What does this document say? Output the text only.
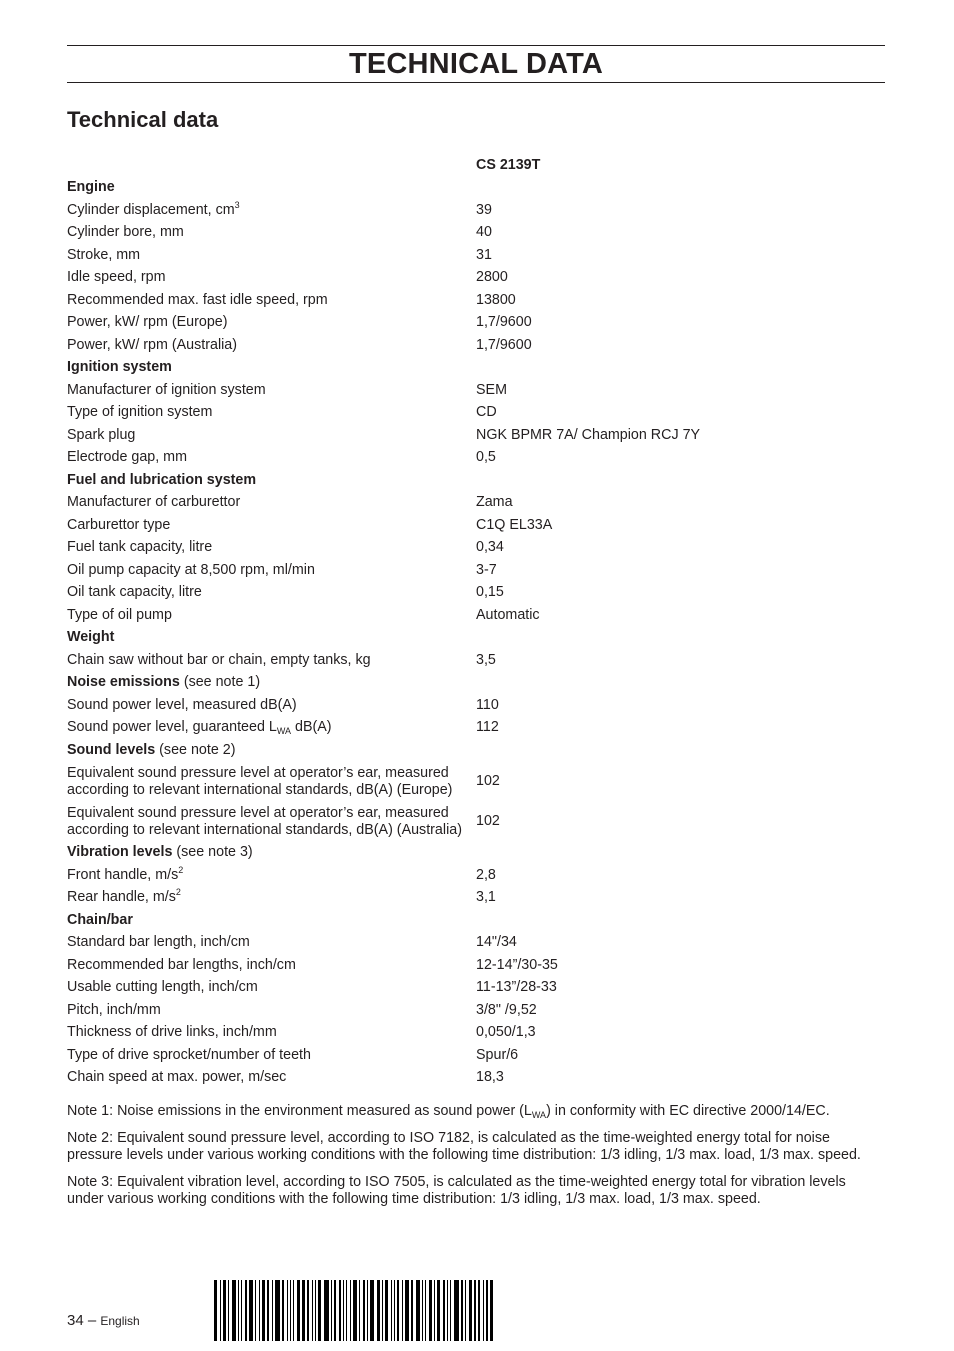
TECHNICAL DATA
Technical data
	CS 2139T
Engine	
Cylinder displacement, $cm^3$	39
Cylinder bore, mm	40
Stroke, mm	31
Idle speed, rpm	2800
Recommended max. fast idle speed, rpm	13800
Power, kW/ rpm (Europe)	1,7/9600
Power, kW/ rpm (Australia)	1,7/9600
Ignition system	
Manufacturer of ignition system	SEM
Type of ignition system	CD
Spark plug	NGK BPMR 7A/ Champion RCJ 7Y
Electrode gap, mm	0,5
Fuel and lubrication system	
Manufacturer of carburettor	Zama
Carburettor type	C1Q EL33A
Fuel tank capacity, litre	0,34
Oil pump capacity at 8,500 rpm, ml/min	3-7
Oil tank capacity, litre	0,15
Type of oil pump	Automatic
Weight	
Chain saw without bar or chain, empty tanks, kg	3,5
Noise emissions (see note 1)	
Sound power level, measured dB(A)	110
Sound power level, guaranteed $L_{WA}$ dB(A)	112
Sound levels (see note 2)	

Equivalent sound pressure level at operator’s ear, measured
according to relevant international standards, dB(A) (Europe)	102

Equivalent sound pressure level at operator’s ear, measured
according to relevant international standards, dB(A) (Australia)	102
Vibration levels (see note 3)	
Front handle, $m/s^2$	2,8
Rear handle, $m/s^2$	3,1
Chain/bar	
Standard bar length, inch/cm	14"/34
Recommended bar lengths, inch/cm	12-14”/30-35
Usable cutting length, inch/cm	11-13”/28-33
Pitch, inch/mm	3/8" /9,52
Thickness of drive links, inch/mm	0,050/1,3
Type of drive sprocket/number of teeth	Spur/6
Chain speed at max. power, m/sec	18,3

Note 1: Noise emissions in the environment measured as sound power $(L_{WA})$ in conformity with EC directive 2000/14/EC.

Note 2: Equivalent sound pressure level, according to ISO 7182, is calculated as the time-weighted energy total for noise pressure levels under various working conditions with the following time distribution: 1/3 idling, 1/3 max. load, 1/3 max. speed.

Note 3: Equivalent vibration level, according to ISO 7505, is calculated as the time-weighted energy total for vibration levels under various working conditions with the following time distribution: 1/3 idling, 1/3 max. load, 1/3 max. speed.

34 – English
